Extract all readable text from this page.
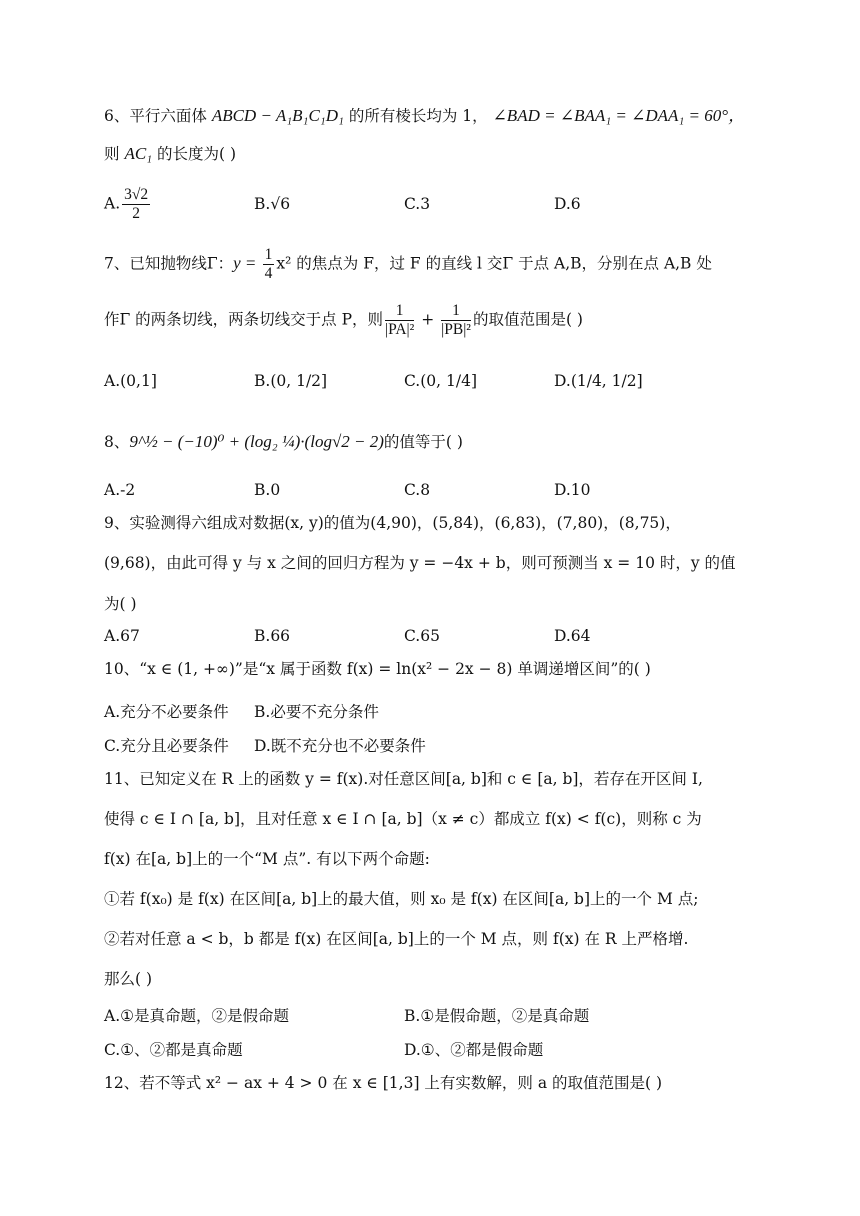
6、平行六面体 ABCD − A₁B₁C₁D₁ 的所有棱长均为 1， ∠BAD = ∠BAA₁ = ∠DAA₁ = 60°，
则 AC₁ 的长度为( )
A. $\frac{3√2}{2}$	B.√6	C.3	D.6
7、已知抛物线Γ：$y = \frac{1}{4} x^2$ 的焦点为 F，过 F 的直线 l 交Γ 于点 A,B，分别在点 A,B 处
作Γ 的两条切线，两条切线交于点 P，则 $\frac{1}{\text{|PA|²}} + \frac{1}{\text{|PB|²}}$ 的取值范围是( )
A.(0,1]	B.(0, 1/2]	C.(0, 1/4]	D.(1/4, 1/2]
8、9^½ − (−10)⁰ + (log₂ ¼)·(log√2 − 2)的值等于( )
A.-2	B.0	C.8	D.10
9、实验测得六组成对数据(x, y)的值为(4,90)，(5,84)，(6,83)，(7,80)，(8,75)，
(9,68)，由此可得 y 与 x 之间的回归方程为 y = −4x + b，则可预测当 x = 10 时，y 的值
为( )
A.67	B.66	C.65	D.64
10、“x ∈ (1, +∞)”是“x 属于函数 f(x) = ln(x² − 2x − 8) 单调递增区间”的( )
A.充分不必要条件 B.必要不充分条件
C.充分且必要条件 D.既不充分也不必要条件
11、已知定义在 R 上的函数 y = f(x).对任意区间[a, b]和 c ∈ [a, b]，若存在开区间 I,
使得 c ∈ I ∩ [a, b]，且对任意 x ∈ I ∩ [a, b]（x ≠ c）都成立 f(x) < f(c)，则称 c 为
f(x) 在[a, b]上的一个“M 点”. 有以下两个命题:
①若 f(x₀) 是 f(x) 在区间[a, b]上的最大值，则 x₀ 是 f(x) 在区间[a, b]上的一个 M 点;
②若对任意 a < b，b 都是 f(x) 在区间[a, b]上的一个 M 点，则 f(x) 在 R 上严格增.
那么( )
A.①是真命题，②是假命题	B.①是假命题，②是真命题
C.①、②都是真命题	D.①、②都是假命题
12、若不等式 x² − ax + 4 > 0 在 x ∈ [1,3] 上有实数解，则 a 的取值范围是( )
